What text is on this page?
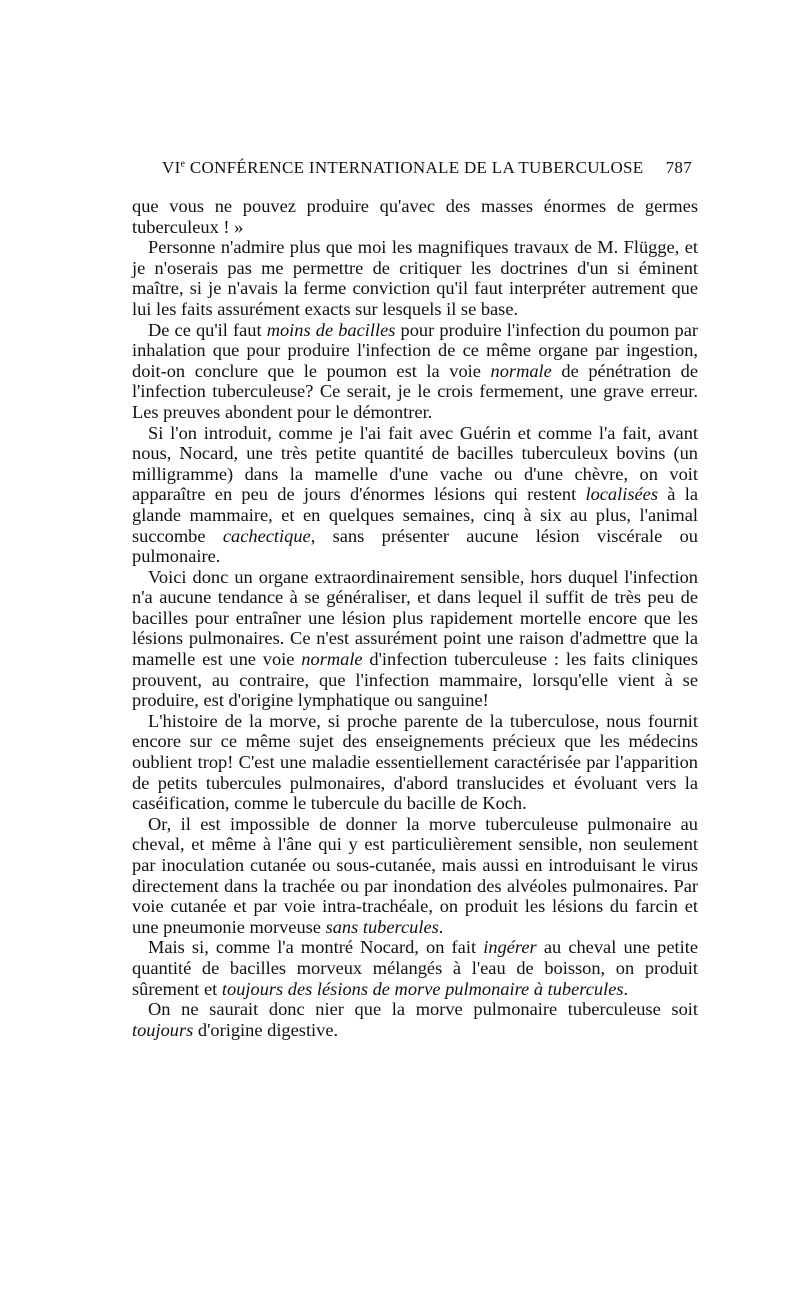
VIe CONFÉRENCE INTERNATIONALE DE LA TUBERCULOSE 787

que vous ne pouvez produire qu'avec des masses énormes de germes tuberculeux ! »

Personne n'admire plus que moi les magnifiques travaux de M. Flügge, et je n'oserais pas me permettre de critiquer les doctrines d'un si éminent maître, si je n'avais la ferme conviction qu'il faut interpréter autrement que lui les faits assurément exacts sur lesquels il se base.

De ce qu'il faut moins de bacilles pour produire l'infection du poumon par inhalation que pour produire l'infection de ce même organe par ingestion, doit-on conclure que le poumon est la voie normale de pénétration de l'infection tuberculeuse? Ce serait, je le crois fermement, une grave erreur. Les preuves abondent pour le démontrer.

Si l'on introduit, comme je l'ai fait avec Guérin et comme l'a fait, avant nous, Nocard, une très petite quantité de bacilles tuberculeux bovins (un milligramme) dans la mamelle d'une vache ou d'une chèvre, on voit apparaître en peu de jours d'énormes lésions qui restent localisées à la glande mammaire, et en quelques semaines, cinq à six au plus, l'animal succombe cachectique, sans présenter aucune lésion viscérale ou pulmonaire.

Voici donc un organe extraordinairement sensible, hors duquel l'infection n'a aucune tendance à se généraliser, et dans lequel il suffit de très peu de bacilles pour entraîner une lésion plus rapidement mortelle encore que les lésions pulmonaires. Ce n'est assurément point une raison d'admettre que la mamelle est une voie normale d'infection tuberculeuse : les faits cliniques prouvent, au contraire, que l'infection mammaire, lorsqu'elle vient à se produire, est d'origine lymphatique ou sanguine!

L'histoire de la morve, si proche parente de la tuberculose, nous fournit encore sur ce même sujet des enseignements précieux que les médecins oublient trop! C'est une maladie essentiellement caractérisée par l'apparition de petits tubercules pulmonaires, d'abord translucides et évoluant vers la caséification, comme le tubercule du bacille de Koch.

Or, il est impossible de donner la morve tuberculeuse pulmonaire au cheval, et même à l'âne qui y est particulièrement sensible, non seulement par inoculation cutanée ou sous-cutanée, mais aussi en introduisant le virus directement dans la trachée ou par inondation des alvéoles pulmonaires. Par voie cutanée et par voie intra-trachéale, on produit les lésions du farcin et une pneumonie morveuse sans tubercules.

Mais si, comme l'a montré Nocard, on fait ingérer au cheval une petite quantité de bacilles morveux mélangés à l'eau de boisson, on produit sûrement et toujours des lésions de morve pulmonaire à tubercules.

On ne saurait donc nier que la morve pulmonaire tuberculeuse soit toujours d'origine digestive.
